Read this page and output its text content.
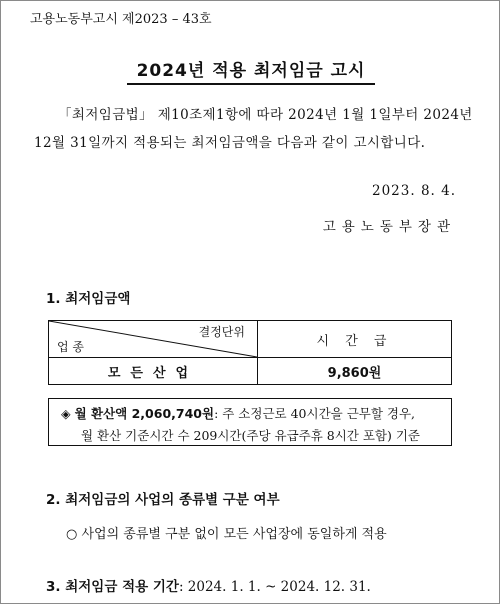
고용노동부고시 제2023 – 43호
2024년 적용 최저임금 고시
「최저임금법」 제10조제1항에 따라 2024년 1월 1일부터 2024년
12월 31일까지 적용되는 최저임금액을 다음과 같이 고시합니다.
2023. 8. 4.
고용노동부장관
1. 최저임금액
결정단위
업 종	시 간 급
모든산업	9,860원
◈ 월 환산액 2,060,740원: 주 소정근로 40시간을 근무할 경우,
월 환산 기준시간 수 209시간(주당 유급주휴 8시간 포함) 기준
2. 최저임금의 사업의 종류별 구분 여부
○ 사업의 종류별 구분 없이 모든 사업장에 동일하게 적용
3. 최저임금 적용 기간: 2024. 1. 1. ~ 2024. 12. 31.
